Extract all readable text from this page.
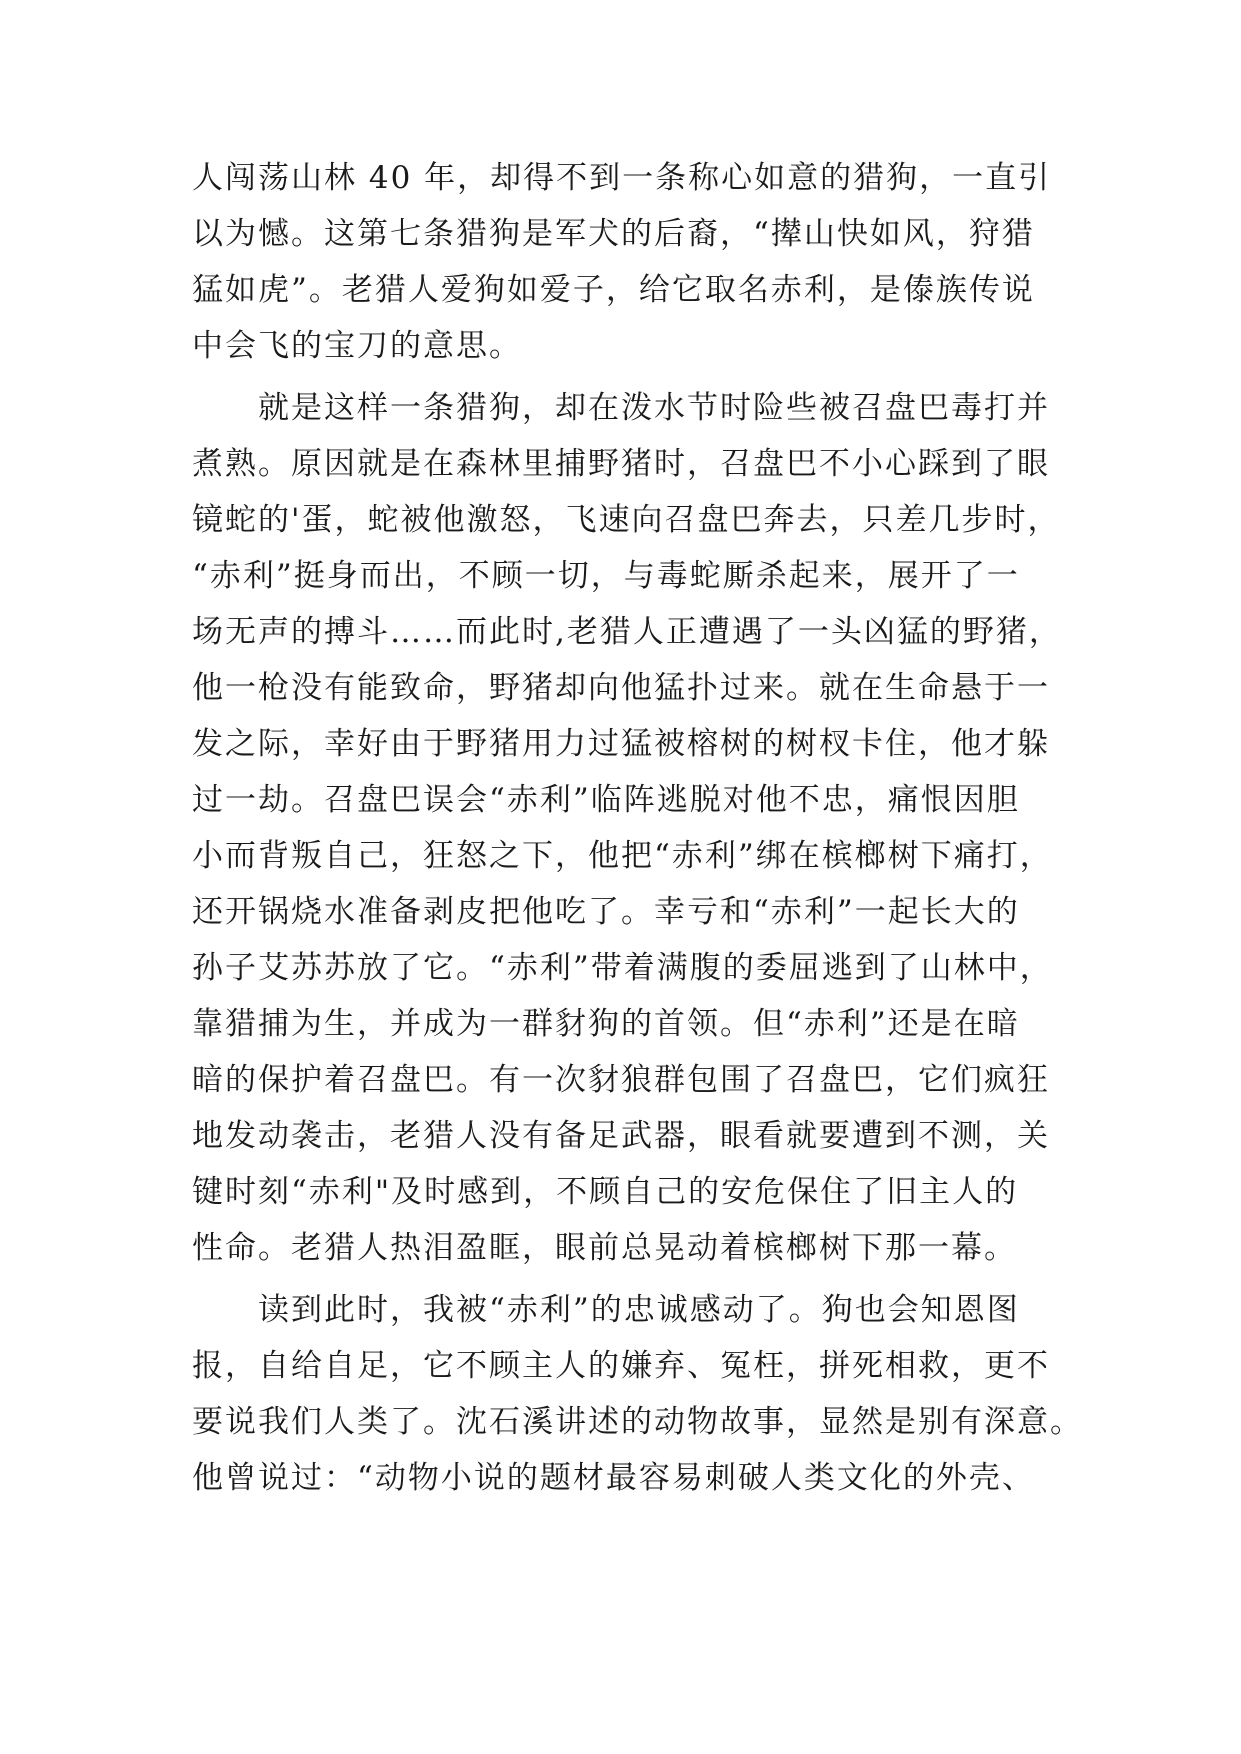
人闯荡山林 40 年，却得不到一条称心如意的猎狗，一直引
以为憾。这第七条猎狗是军犬的后裔，“撵山快如风，狩猎
猛如虎”。老猎人爱狗如爱子，给它取名赤利，是傣族传说
中会飞的宝刀的意思。
就是这样一条猎狗，却在泼水节时险些被召盘巴毒打并
煮熟。原因就是在森林里捕野猪时，召盘巴不小心踩到了眼
镜蛇的'蛋，蛇被他激怒，飞速向召盘巴奔去，只差几步时，
“赤利”挺身而出，不顾一切，与毒蛇厮杀起来，展开了一
场无声的搏斗……而此时,老猎人正遭遇了一头凶猛的野猪，
他一枪没有能致命，野猪却向他猛扑过来。就在生命悬于一
发之际，幸好由于野猪用力过猛被榕树的树杈卡住，他才躲
过一劫。召盘巴误会“赤利”临阵逃脱对他不忠，痛恨因胆
小而背叛自己，狂怒之下，他把“赤利”绑在槟榔树下痛打，
还开锅烧水准备剥皮把他吃了。幸亏和“赤利”一起长大的
孙子艾苏苏放了它。“赤利”带着满腹的委屈逃到了山林中，
靠猎捕为生，并成为一群豺狗的首领。但“赤利”还是在暗
暗的保护着召盘巴。有一次豺狼群包围了召盘巴，它们疯狂
地发动袭击，老猎人没有备足武器，眼看就要遭到不测，关
键时刻“赤利"及时感到，不顾自己的安危保住了旧主人的
性命。老猎人热泪盈眶，眼前总晃动着槟榔树下那一幕。
读到此时，我被“赤利”的忠诚感动了。狗也会知恩图
报，自给自足，它不顾主人的嫌弃、冤枉，拼死相救，更不
要说我们人类了。沈石溪讲述的动物故事，显然是别有深意。
他曾说过：“动物小说的题材最容易刺破人类文化的外壳、
